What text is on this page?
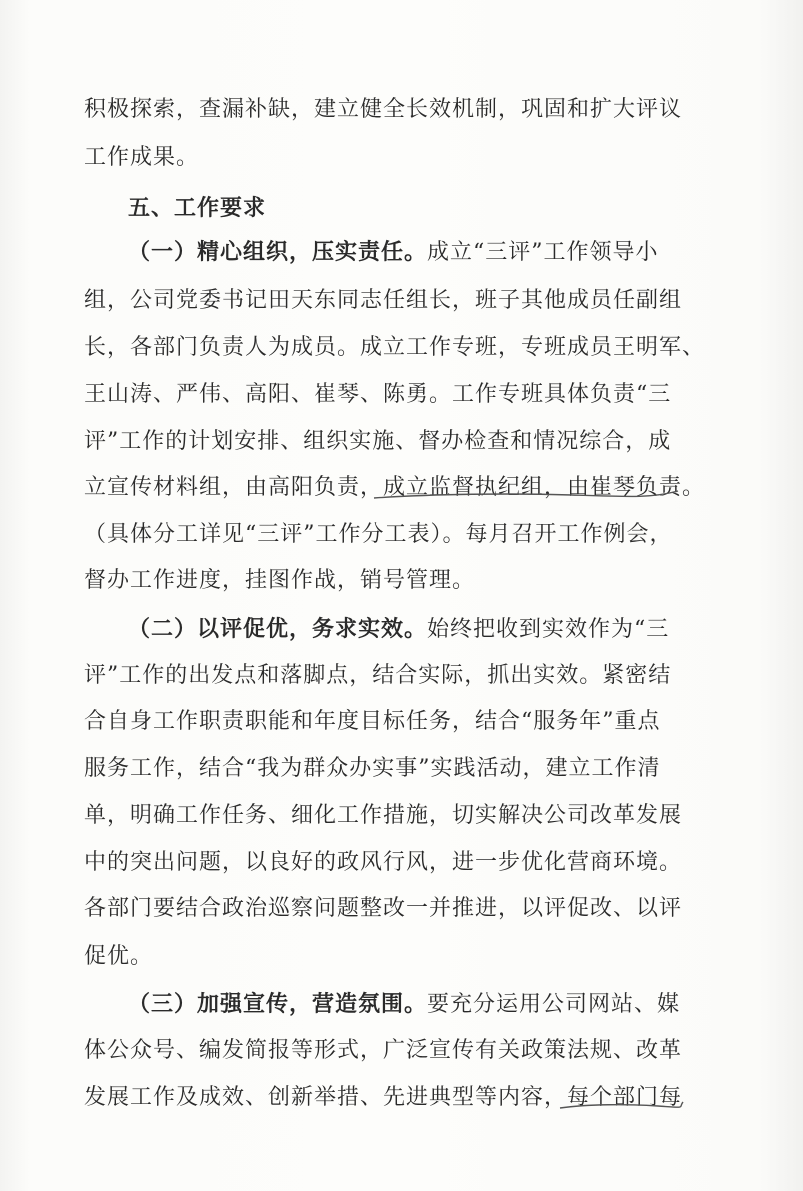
积极探索，查漏补缺，建立健全长效机制，巩固和扩大评议
工作成果。
五、工作要求
（一）精心组织，压实责任。成立“三评”工作领导小
组，公司党委书记田天东同志任组长，班子其他成员任副组
长，各部门负责人为成员。成立工作专班，专班成员王明军、
王山涛、严伟、高阳、崔琴、陈勇。工作专班具体负责“三
评”工作的计划安排、组织实施、督办检查和情况综合，成
立宣传材料组，由高阳负责，成立监督执纪组，由崔琴负责。
（具体分工详见“三评”工作分工表）。每月召开工作例会，
督办工作进度，挂图作战，销号管理。
（二）以评促优，务求实效。始终把收到实效作为“三
评”工作的出发点和落脚点，结合实际，抓出实效。紧密结
合自身工作职责职能和年度目标任务，结合“服务年”重点
服务工作，结合“我为群众办实事”实践活动，建立工作清
单，明确工作任务、细化工作措施，切实解决公司改革发展
中的突出问题，以良好的政风行风，进一步优化营商环境。
各部门要结合政治巡察问题整改一并推进，以评促改、以评
促优。
（三）加强宣传，营造氛围。要充分运用公司网站、媒
体公众号、编发简报等形式，广泛宣传有关政策法规、改革
发展工作及成效、创新举措、先进典型等内容，每个部门每
